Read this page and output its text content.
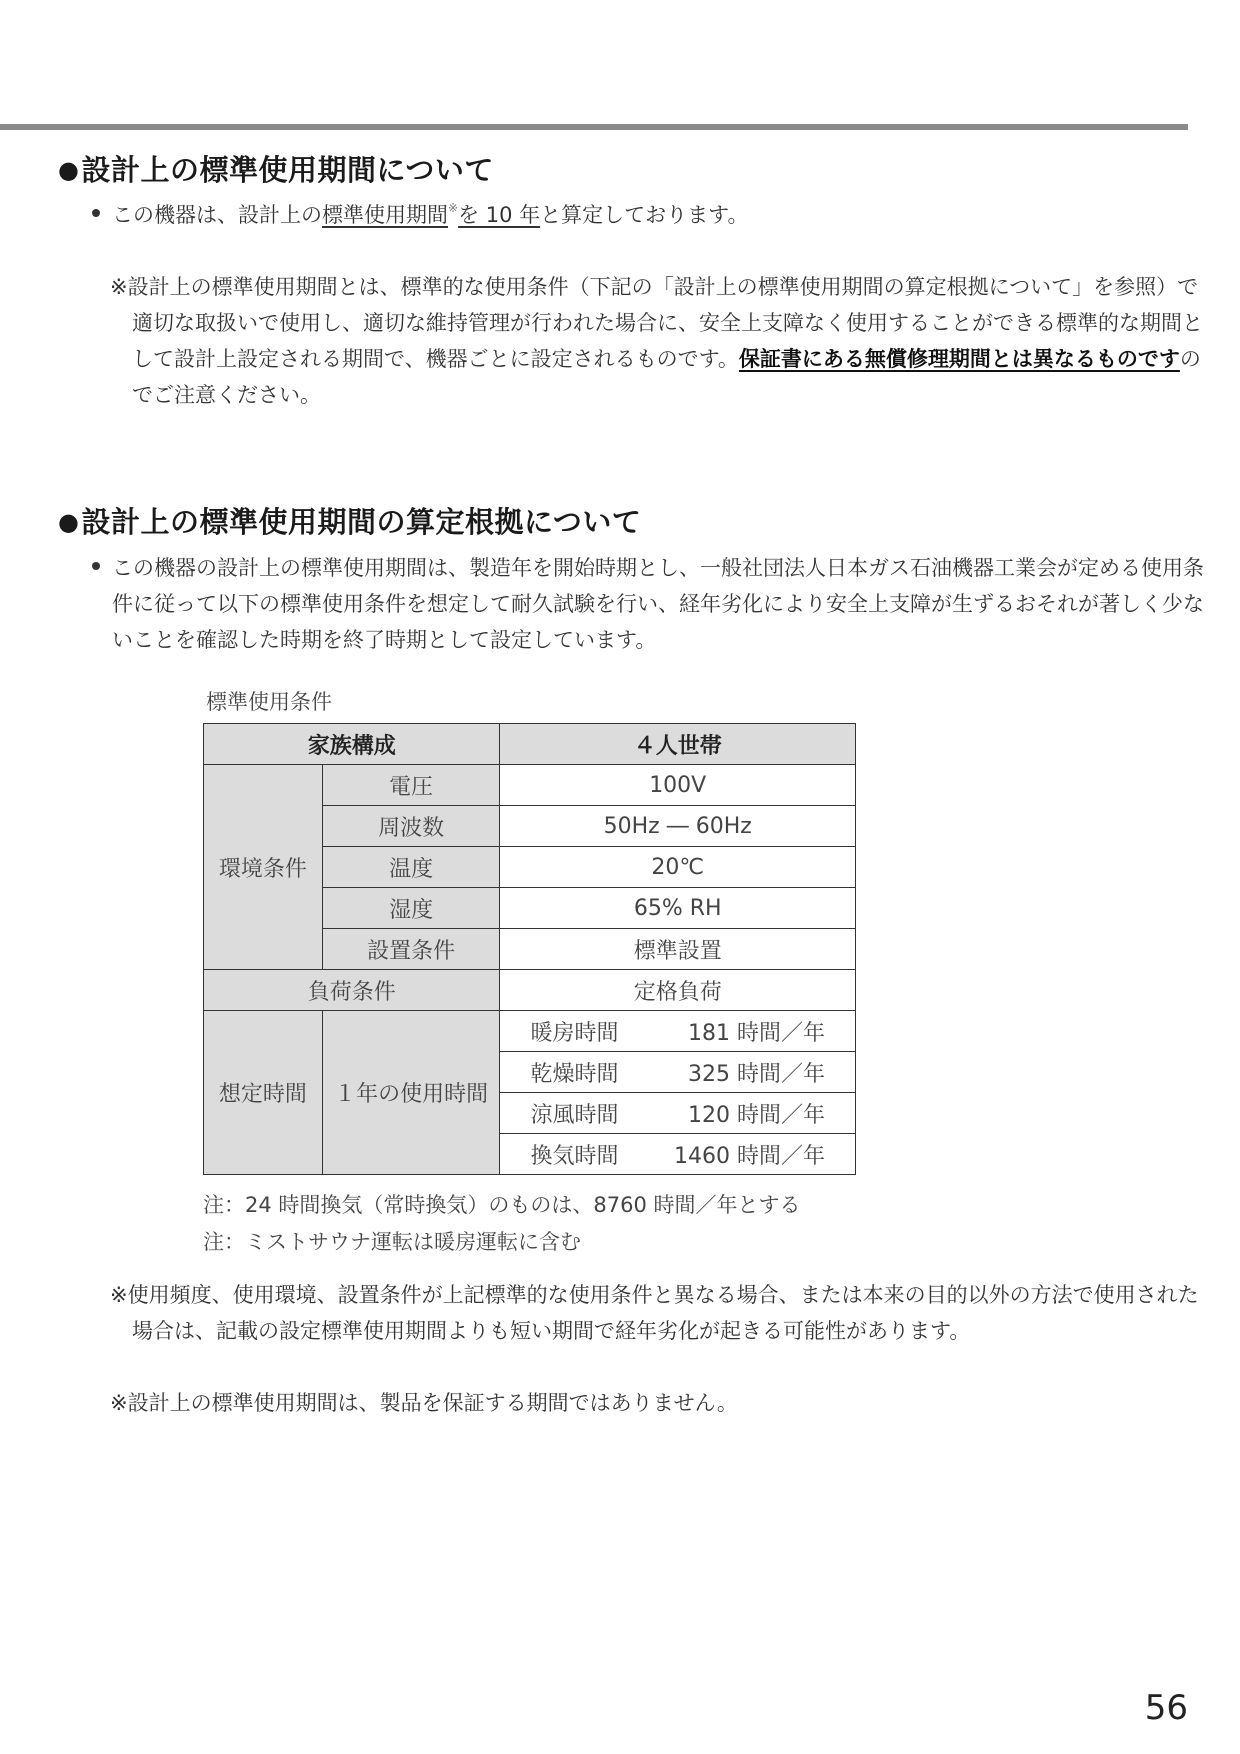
●設計上の標準使用期間について
この機器は、設計上の標準使用期間※を 10 年と算定しております。
※設計上の標準使用期間とは、標準的な使用条件（下記の「設計上の標準使用期間の算定根拠について」を参照）で適切な取扱いで使用し、適切な維持管理が行われた場合に、安全上支障なく使用することができる標準的な期間として設計上設定される期間で、機器ごとに設定されるものです。保証書にある無償修理期間とは異なるものですのでご注意ください。
●設計上の標準使用期間の算定根拠について
この機器の設計上の標準使用期間は、製造年を開始時期とし、一般社団法人日本ガス石油機器工業会が定める使用条件に従って以下の標準使用条件を想定して耐久試験を行い、経年劣化により安全上支障が生ずるおそれが著しく少ないことを確認した時期を終了時期として設定しています。
標準使用条件
家族構成		４人世帯
環境条件	電圧	100V
	周波数	50Hz ― 60Hz
	温度	20℃
	湿度	65% RH
	設置条件	標準設置
負荷条件		定格負荷
想定時間	１年の使用時間	暖房時間 181 時間／年

		乾燥時間 325 時間／年

		涼風時間 120 時間／年

		換気時間 1460 時間／年
注：24 時間換気（常時換気）のものは、8760 時間／年とする
注：ミストサウナ運転は暖房運転に含む
※使用頻度、使用環境、設置条件が上記標準的な使用条件と異なる場合、または本来の目的以外の方法で使用された場合は、記載の設定標準使用期間よりも短い期間で経年劣化が起きる可能性があります。
※設計上の標準使用期間は、製品を保証する期間ではありません。
56
